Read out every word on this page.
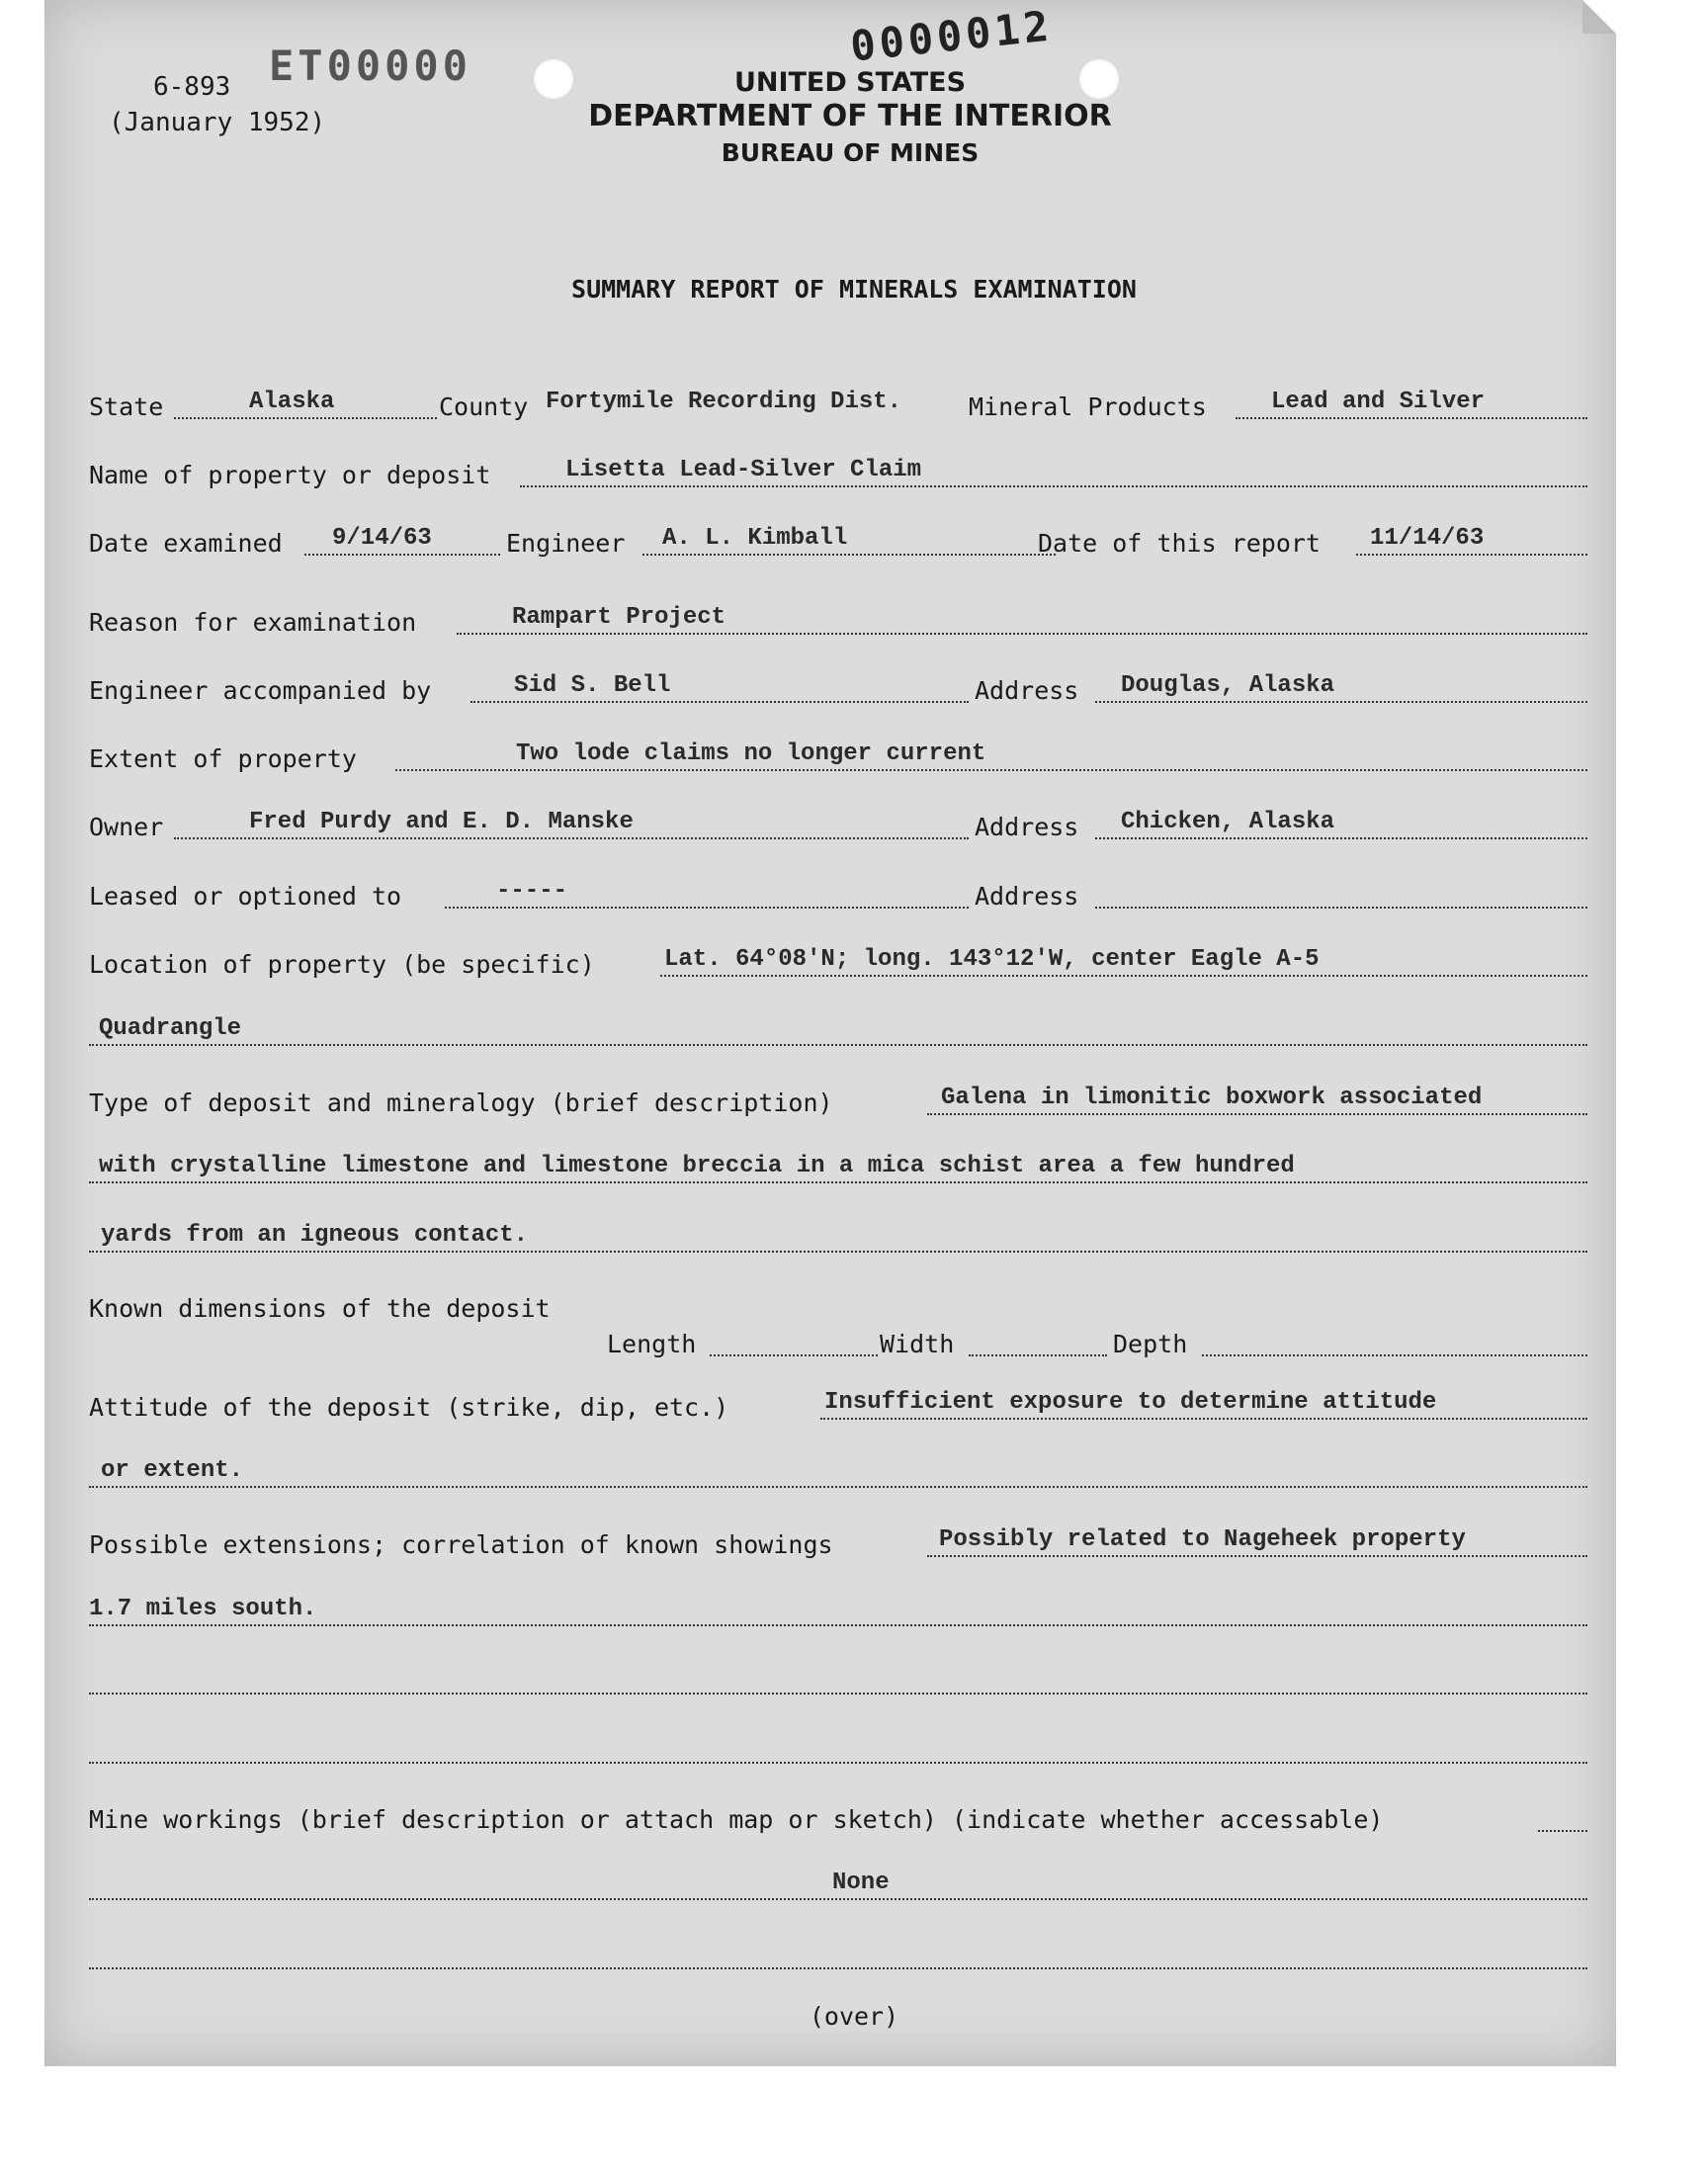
6-893
(January 1952)
ET00000	0000012
UNITED STATES
DEPARTMENT OF THE INTERIOR
BUREAU OF MINES
SUMMARY REPORT OF MINERALS EXAMINATION
State	Alaska	County Fortymile Recording Dist.	Mineral Products	Lead and Silver
Name of property or deposit	Lisetta Lead-Silver Claim
Date examined 9/14/63	Engineer A. L. Kimball	Date of this report 11/14/63
Reason for examination	Rampart Project
Engineer accompanied by	Sid S. Bell	Address Douglas, Alaska
Extent of property	Two lode claims no longer current
Owner	Fred Purdy and E. D. Manske	Address Chicken, Alaska
Leased or optioned to	-----	Address
Location of property (be specific)	Lat. 64°08'N; long. 143°12'W, center Eagle A-5
Quadrangle
Type of deposit and mineralogy (brief description)	Galena in limonitic boxwork associated
with crystalline limestone and limestone breccia in a mica schist area a few hundred
yards from an igneous contact.
Known dimensions of the deposit
Length	Width	Depth
Attitude of the deposit (strike, dip, etc.)	Insufficient exposure to determine attitude
or extent.
Possible extensions; correlation of known showings	Possibly related to Nageheek property
1.7 miles south.
Mine workings (brief description or attach map or sketch) (indicate whether accessable)
None
(over)
